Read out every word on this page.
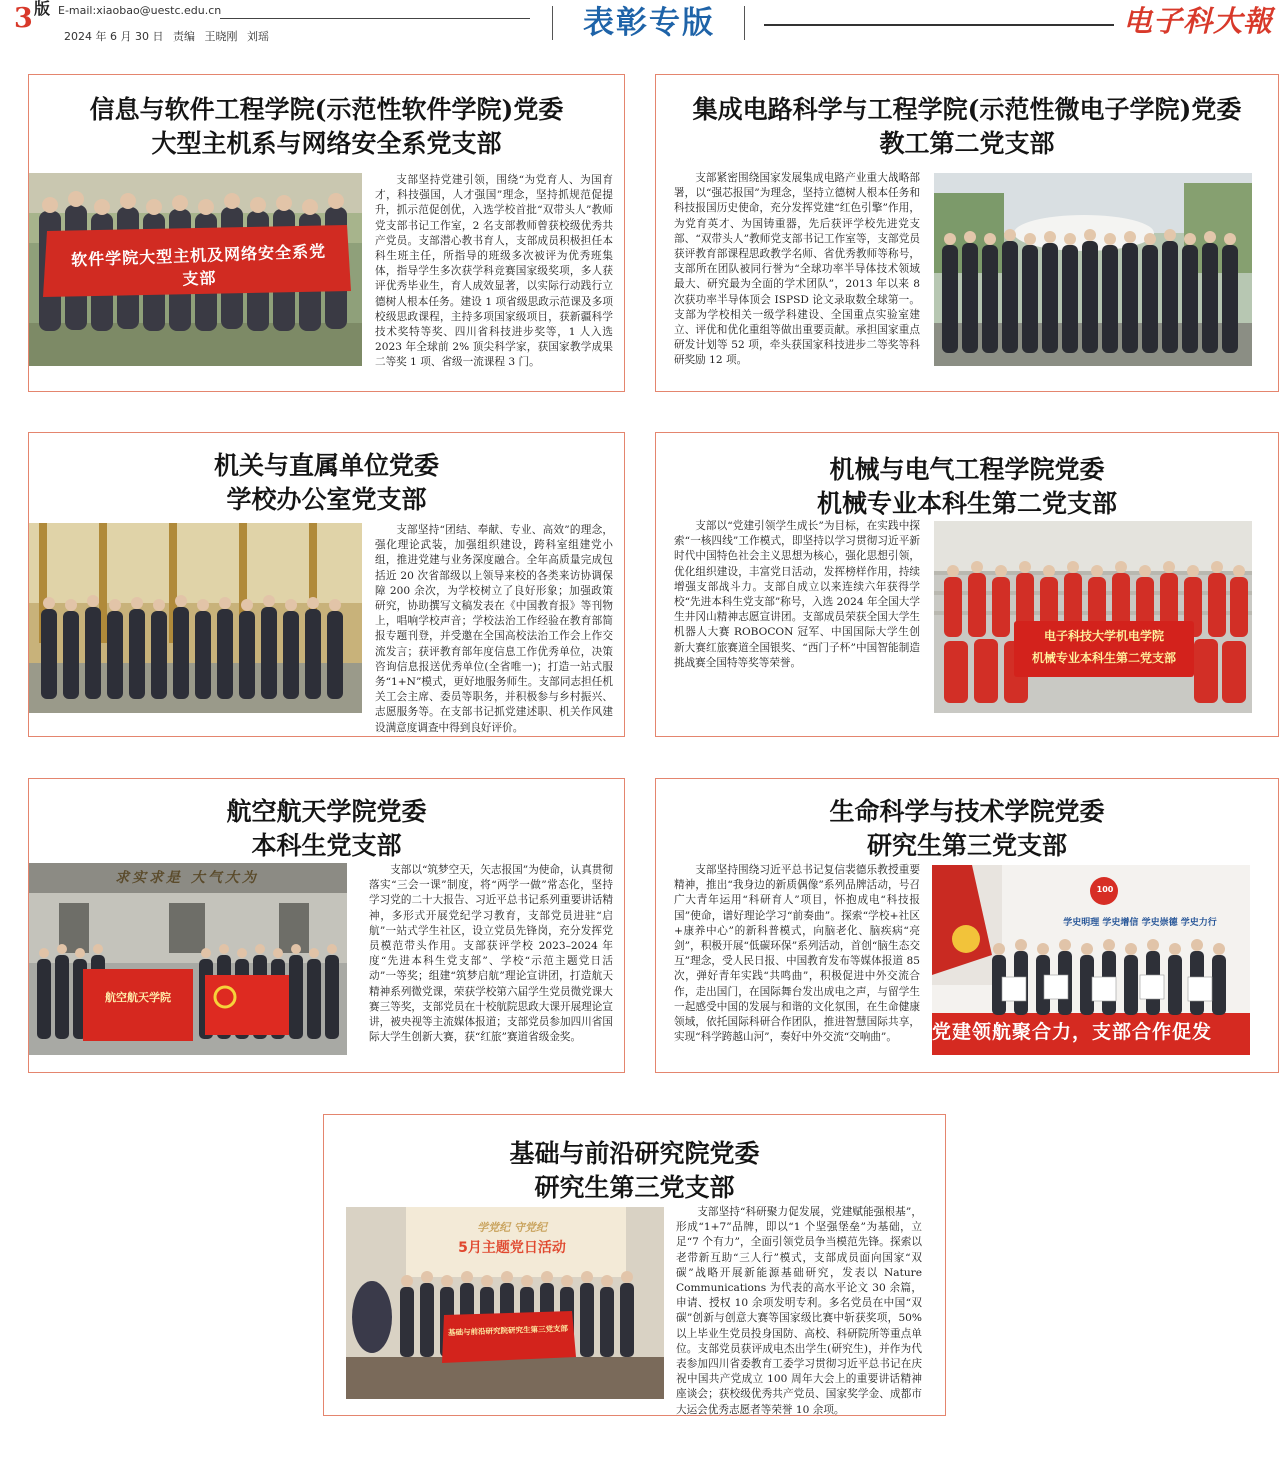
3 版 E-mail:xiaobao@uestc.edu.cn
2024 年 6 月 30 日 责编 王晓刚 刘瑶	表彰专版	电子科大報
信息与软件工程学院(示范性软件学院)党委
大型主机系与网络安全系党支部
软件学院大型主机及网络安全系党支部
支部坚持党建引领，围绕“为党育人、为国育才，科技强国，人才强国”理念，坚持抓规范促提升，抓示范促创优，入选学校首批“双带头人”教师党支部书记工作室，2 名支部教师曾获校级优秀共产党员。支部潜心教书育人，支部成员积极担任本科生班主任，所指导的班级多次被评为优秀班集体，指导学生多次获学科竞赛国家级奖项，多人获评优秀毕业生，育人成效显著，以实际行动践行立德树人根本任务。建设 1 项省级思政示范课及多项校级思政课程，主持多项国家级项目，获新疆科学技术奖特等奖、四川省科技进步奖等，1 人入选 2023 年全球前 2% 顶尖科学家，获国家教学成果二等奖 1 项、省级一流课程 3 门。
集成电路科学与工程学院(示范性微电子学院)党委
教工第二党支部
支部紧密围绕国家发展集成电路产业重大战略部署，以“强芯报国”为理念，坚持立德树人根本任务和科技报国历史使命，充分发挥党建“红色引擎”作用，为党育英才、为国铸重器，先后获评学校先进党支部、“双带头人”教师党支部书记工作室等，支部党员获评教育部课程思政教学名师、省优秀教师等称号，支部所在团队被同行誉为“全球功率半导体技术领域最大、研究最为全面的学术团队”，2013 年以来 8 次获功率半导体顶会 ISPSD 论文录取数全球第一。支部为学校相关一级学科建设、全国重点实验室建立、评优和优化重组等做出重要贡献。承担国家重点研发计划等 52 项，牵头获国家科技进步二等奖等科研奖励 12 项。
机关与直属单位党委
学校办公室党支部
支部坚持“团结、奉献、专业、高效”的理念，强化理论武装，加强组织建设，跨科室组建党小组，推进党建与业务深度融合。全年高质量完成包括近 20 次省部级以上领导来校的各类来访协调保障 200 余次，为学校树立了良好形象；加强政策研究，协助撰写文稿发表在《中国教育报》等刊物上，唱响学校声音；学校法治工作经验在教育部简报专题刊登，并受邀在全国高校法治工作会上作交流发言；获评教育部年度信息工作优秀单位，决策咨询信息报送优秀单位(全省唯一)；打造一站式服务“1+N”模式，更好地服务师生。支部同志担任机关工会主席、委员等职务，并积极参与乡村振兴、志愿服务等。在支部书记抓党建述职、机关作风建设满意度调查中得到良好评价。
机械与电气工程学院党委
机械专业本科生第二党支部
支部以“党建引领学生成长”为目标，在实践中探索“一核四线”工作模式，即坚持以学习贯彻习近平新时代中国特色社会主义思想为核心，强化思想引领，优化组织建设，丰富党日活动，发挥榜样作用，持续增强支部战斗力。支部自成立以来连续六年获得学校“先进本科生党支部”称号，入选 2024 年全国大学生井冈山精神志愿宣讲团。支部成员荣获全国大学生机器人大赛 ROBOCON 冠军、中国国际大学生创新大赛红旅赛道全国银奖、“西门子杯”中国智能制造挑战赛全国特等奖等荣誉。
电子科技大学机电学院
机械专业本科生第二党支部
航空航天学院党委
本科生党支部
求实求是 大气大为
航空航天学院
支部以“筑梦空天，矢志报国”为使命，认真贯彻落实“三会一课”制度，将“两学一做”常态化，坚持学习党的二十大报告、习近平总书记系列重要讲话精神，多形式开展党纪学习教育，支部党员进驻“启航”一站式学生社区，设立党员先锋岗，充分发挥党员模范带头作用。支部获评学校 2023–2024 年度“先进本科生党支部”、学校“示范主题党日活动”一等奖；组建“筑梦启航”理论宣讲团，打造航天精神系列微党课，荣获学校第六届学生党员微党课大赛三等奖，支部党员在十校航院思政大课开展理论宣讲，被央视等主流媒体报道；支部党员参加四川省国际大学生创新大赛，获“红旅”赛道省级金奖。
生命科学与技术学院党委
研究生第三党支部
支部坚持围绕习近平总书记复信裴德乐教授重要精神，推出“我身边的新质偶像”系列品牌活动，号召广大青年运用“科研育人”项目，怀抱成电“科技报国”使命，谱好理论学习“前奏曲”。探索“学校+社区+康养中心”的新科普模式，向脑老化、脑疾病“亮剑”，积极开展“低碳环保”系列活动，首创“脑生态交互”理念，受人民日报、中国教育发布等媒体报道 85 次，弹好青年实践“共鸣曲”，积极促进中外交流合作，走出国门，在国际舞台发出成电之声，与留学生一起感受中国的发展与和谐的文化氛围，在生命健康领域，依托国际科研合作团队，推进智慧国际共享，实现“科学跨越山河”，奏好中外交流“交响曲”。
100
学史明理 学史增信 学史崇德 学史力行
党建领航聚合力，支部合作促发
基础与前沿研究院党委
研究生第三党支部
学党纪 守党纪
5月主题党日活动
基础与前沿研究院研究生第三党支部
支部坚持“科研聚力促发展，党建赋能强根基”，形成“1+7”品牌，即以“1 个坚强堡垒”为基础，立足“7 个有力”，全面引领党员争当模范先锋。探索以老带新互助“三人行”模式，支部成员面向国家“双碳”战略开展新能源基础研究，发表以 Nature Communications 为代表的高水平论文 30 余篇，申请、授权 10 余项发明专利。多名党员在中国“双碳”创新与创意大赛等国家级比赛中斩获奖项，50%以上毕业生党员投身国防、高校、科研院所等重点单位。支部党员获评成电杰出学生(研究生)，并作为代表参加四川省委教育工委学习贯彻习近平总书记在庆祝中国共产党成立 100 周年大会上的重要讲话精神座谈会；获校级优秀共产党员、国家奖学金、成都市大运会优秀志愿者等荣誉 10 余项。
